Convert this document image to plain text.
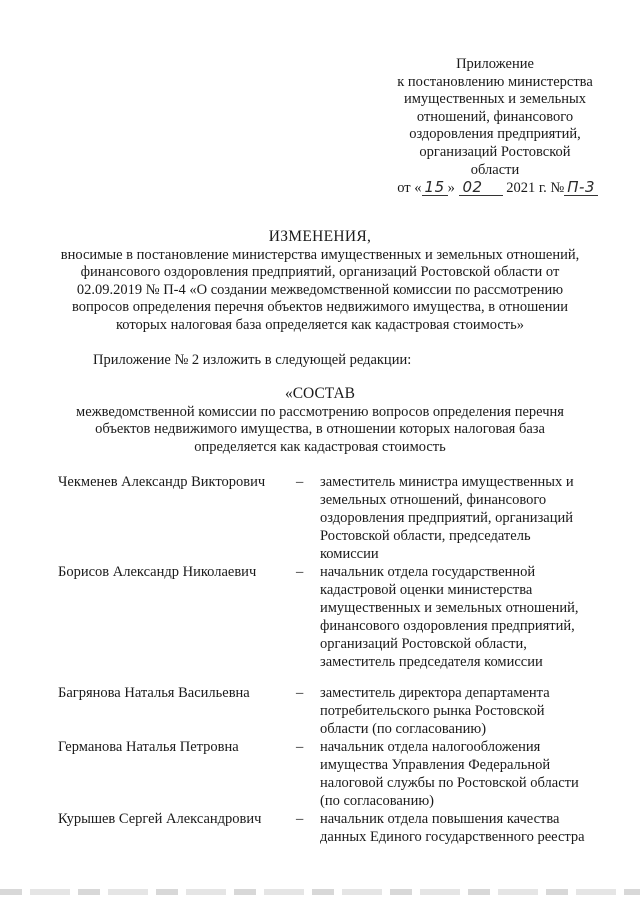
Приложение
к постановлению министерства
имущественных и земельных
отношений, финансового
оздоровления предприятий,
организаций Ростовской
области
от « 15 » 02 2021 г. № П-3
ИЗМЕНЕНИЯ,
вносимые в постановление министерства имущественных и земельных отношений,
финансового оздоровления предприятий, организаций Ростовской области от
02.09.2019 № П-4 «О создании межведомственной комиссии по рассмотрению
вопросов определения перечня объектов недвижимого имущества, в отношении
которых налоговая база определяется как кадастровая стоимость»
Приложение № 2 изложить в следующей редакции:
«СОСТАВ
межведомственной комиссии по рассмотрению вопросов определения перечня
объектов недвижимого имущества, в отношении которых налоговая база
определяется как кадастровая стоимость
Чекменев Александр Викторович – заместитель министра имущественных и
земельных отношений, финансового
оздоровления предприятий, организаций
Ростовской области, председатель
комиссии
Борисов Александр Николаевич	– начальник отдела государственной
кадастровой оценки министерства
имущественных и земельных отношений,
финансового оздоровления предприятий,
организаций Ростовской области,
заместитель председателя комиссии
Багрянова Наталья Васильевна	– заместитель директора департамента
потребительского рынка Ростовской
области (по согласованию)
Германова Наталья Петровна	– начальник отдела налогообложения
имущества Управления Федеральной
налоговой службы по Ростовской области
(по согласованию)
Курышев Сергей Александрович – начальник отдела повышения качества
данных Единого государственного реестра
